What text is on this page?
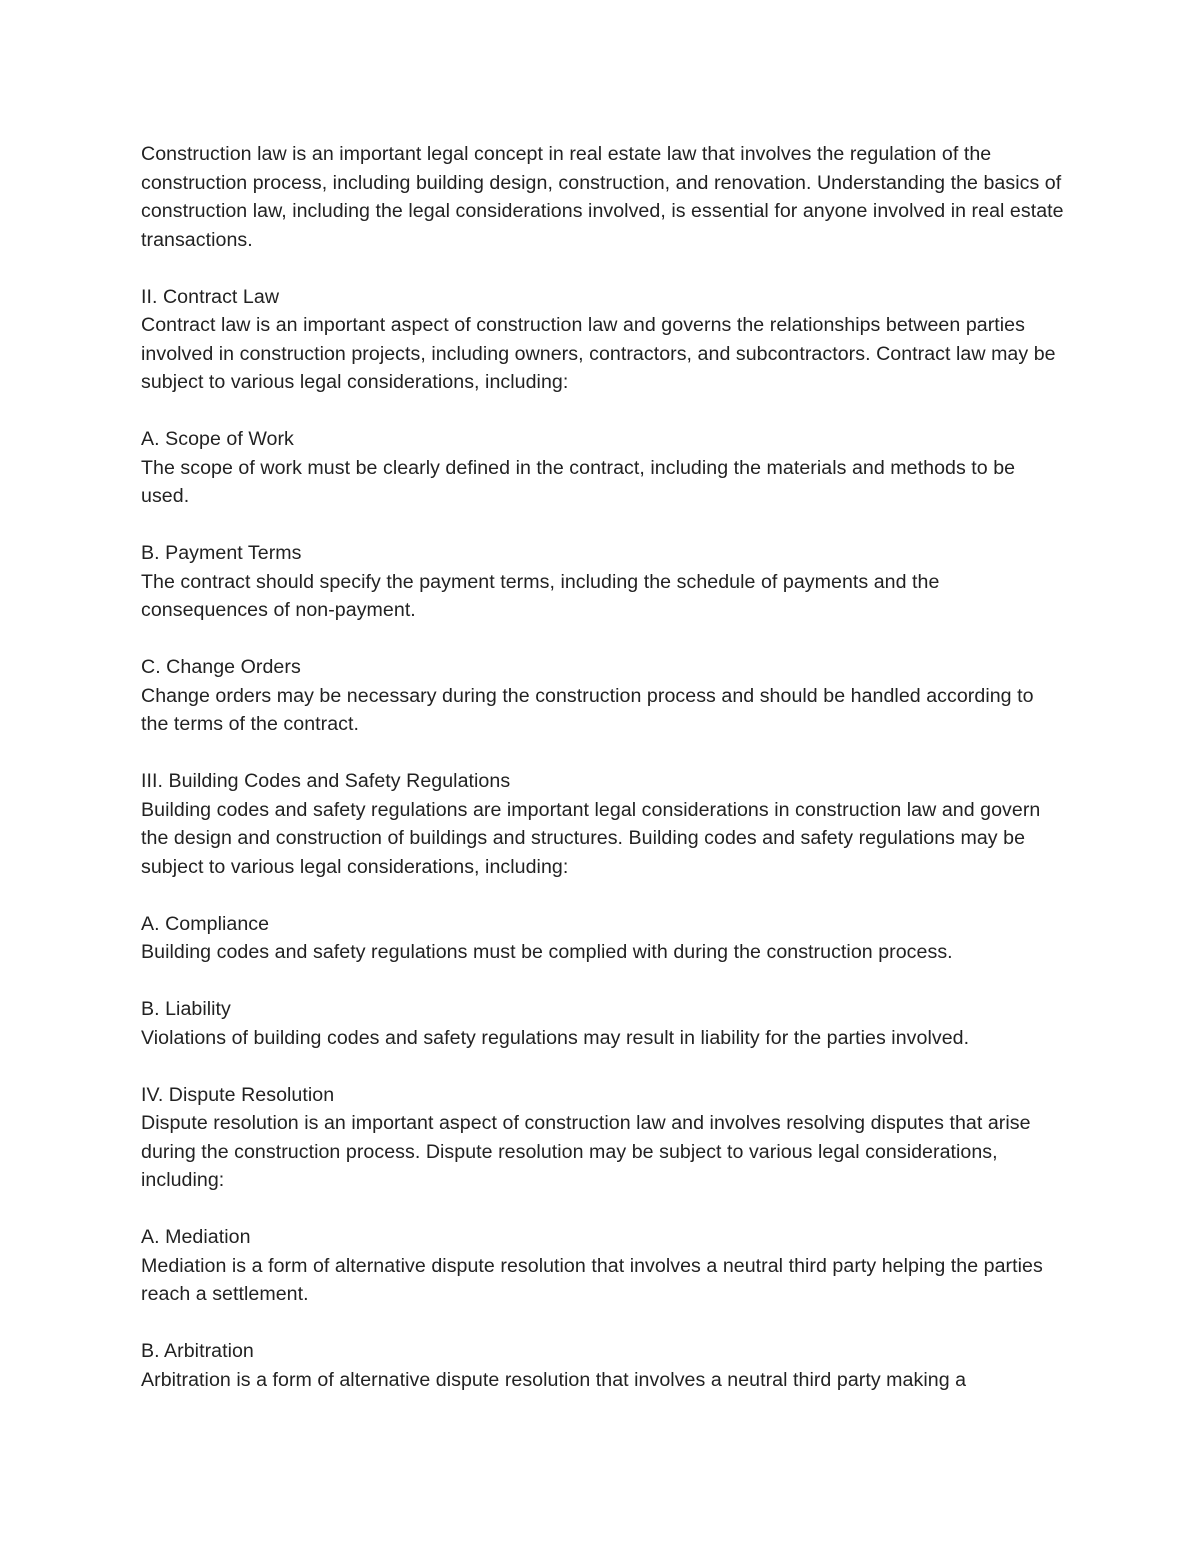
Construction law is an important legal concept in real estate law that involves the regulation of the construction process, including building design, construction, and renovation. Understanding the basics of construction law, including the legal considerations involved, is essential for anyone involved in real estate transactions.

II. Contract Law
Contract law is an important aspect of construction law and governs the relationships between parties involved in construction projects, including owners, contractors, and subcontractors. Contract law may be subject to various legal considerations, including:
A. Scope of Work
The scope of work must be clearly defined in the contract, including the materials and methods to be used.
B. Payment Terms
The contract should specify the payment terms, including the schedule of payments and the consequences of non-payment.
C. Change Orders
Change orders may be necessary during the construction process and should be handled according to the terms of the contract.
III. Building Codes and Safety Regulations
Building codes and safety regulations are important legal considerations in construction law and govern the design and construction of buildings and structures. Building codes and safety regulations may be subject to various legal considerations, including:
A. Compliance
Building codes and safety regulations must be complied with during the construction process.
B. Liability
Violations of building codes and safety regulations may result in liability for the parties involved.
IV. Dispute Resolution
Dispute resolution is an important aspect of construction law and involves resolving disputes that arise during the construction process. Dispute resolution may be subject to various legal considerations, including:
A. Mediation
Mediation is a form of alternative dispute resolution that involves a neutral third party helping the parties reach a settlement.
B. Arbitration
Arbitration is a form of alternative dispute resolution that involves a neutral third party making a
